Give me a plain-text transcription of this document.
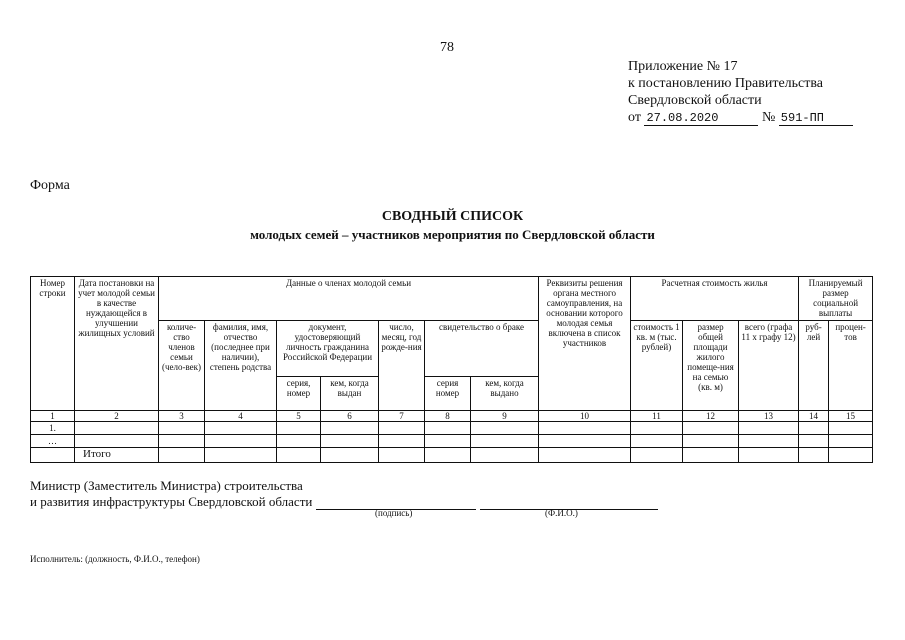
78
Приложение № 17
к постановлению Правительства
Свердловской области
от 27.08.2020	№ 591-ПП
Форма
СВОДНЫЙ СПИСОК
молодых семей – участников мероприятия по Свердловской области
Номер строки	Дата постановки на учет молодой семьи в качестве нуждающейся в улучшении жилищных условий	Данные о членах молодой семьи							Реквизиты решения органа местного самоуправления, на основании которого молодая семья включена в список участников	Расчетная стоимость жилья			Планируемый размер социальной выплаты	
		количе-ство членов семьи (чело-век)	фамилия, имя, отчество (последнее при наличии), степень родства	документ, удостоверяющий личность гражданина Российской Федерации		число, месяц, год рожде-ния	свидетельство о браке			стоимость 1 кв. м (тыс. рублей)	размер общей площади жилого помеще-ния на семью (кв. м)	всего (графа 11 х графу 12)	руб-лей	процен-тов
				серия, номер	кем, когда выдан		серия номер	кем, когда выдано						
1	2	3	4	5	6	7	8	9	10	11	12	13	14	15
1.														
…														
	Итого													
Министр (Заместитель Министра) строительства
и развития инфраструктуры Свердловской области
(подпись)	(Ф.И.О.)
Исполнитель: (должность, Ф.И.О., телефон)
